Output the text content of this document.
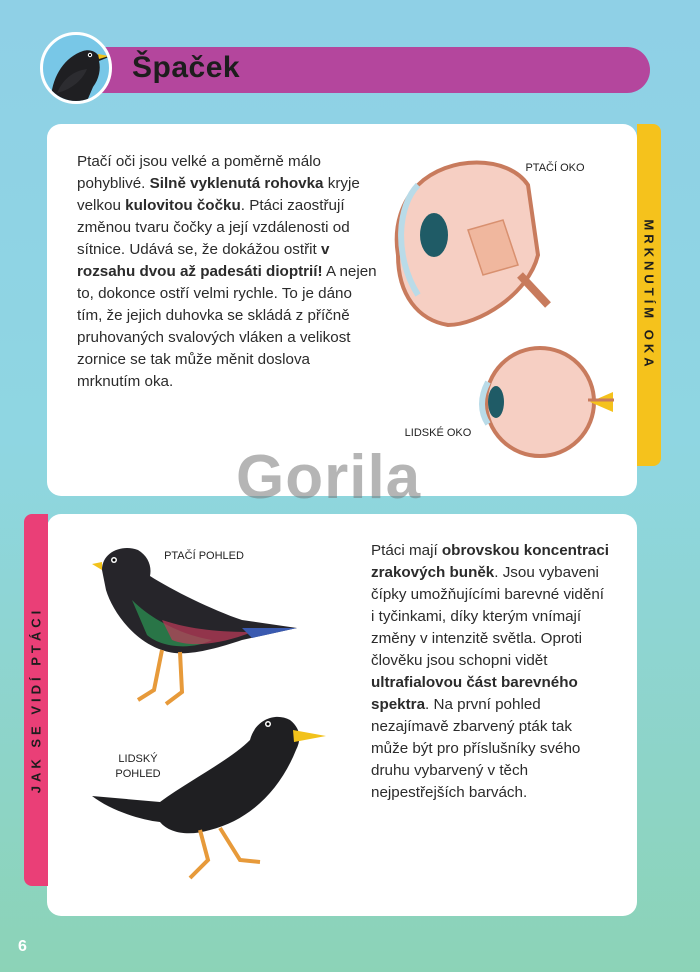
Špaček
MRKNUTÍM OKA
Ptačí oči jsou velké a poměrně málo pohyblivé. Silně vyklenutá rohovka kryje velkou kulovitou čočku. Ptáci zaostřují změnou tvaru čočky a její vzdálenosti od sítnice. Udává se, že dokážou ostřit v rozsahu dvou až padesáti dioptrií! A nejen to, dokonce ostří velmi rychle. To je dáno tím, že jejich duhovka se skládá z příčně pruhovaných svalových vláken a velikost zornice se tak může měnit doslova mrknutím oka.
PTAČÍ OKO
LIDSKÉ OKO
Gorila
JAK SE VIDÍ PTÁCI
PTAČÍ POHLED
LIDSKÝ POHLED
Ptáci mají obrovskou koncentraci zrakových buněk. Jsou vybaveni čípky umožňujícími barevné vidění i tyčinkami, díky kterým vnímají změny v intenzitě světla. Oproti člověku jsou schopni vidět ultrafialovou část barevného spektra. Na první pohled nezajímavě zbarvený pták tak může být pro příslušníky svého druhu vybarvený v těch nejpestřejších barvách.
6
